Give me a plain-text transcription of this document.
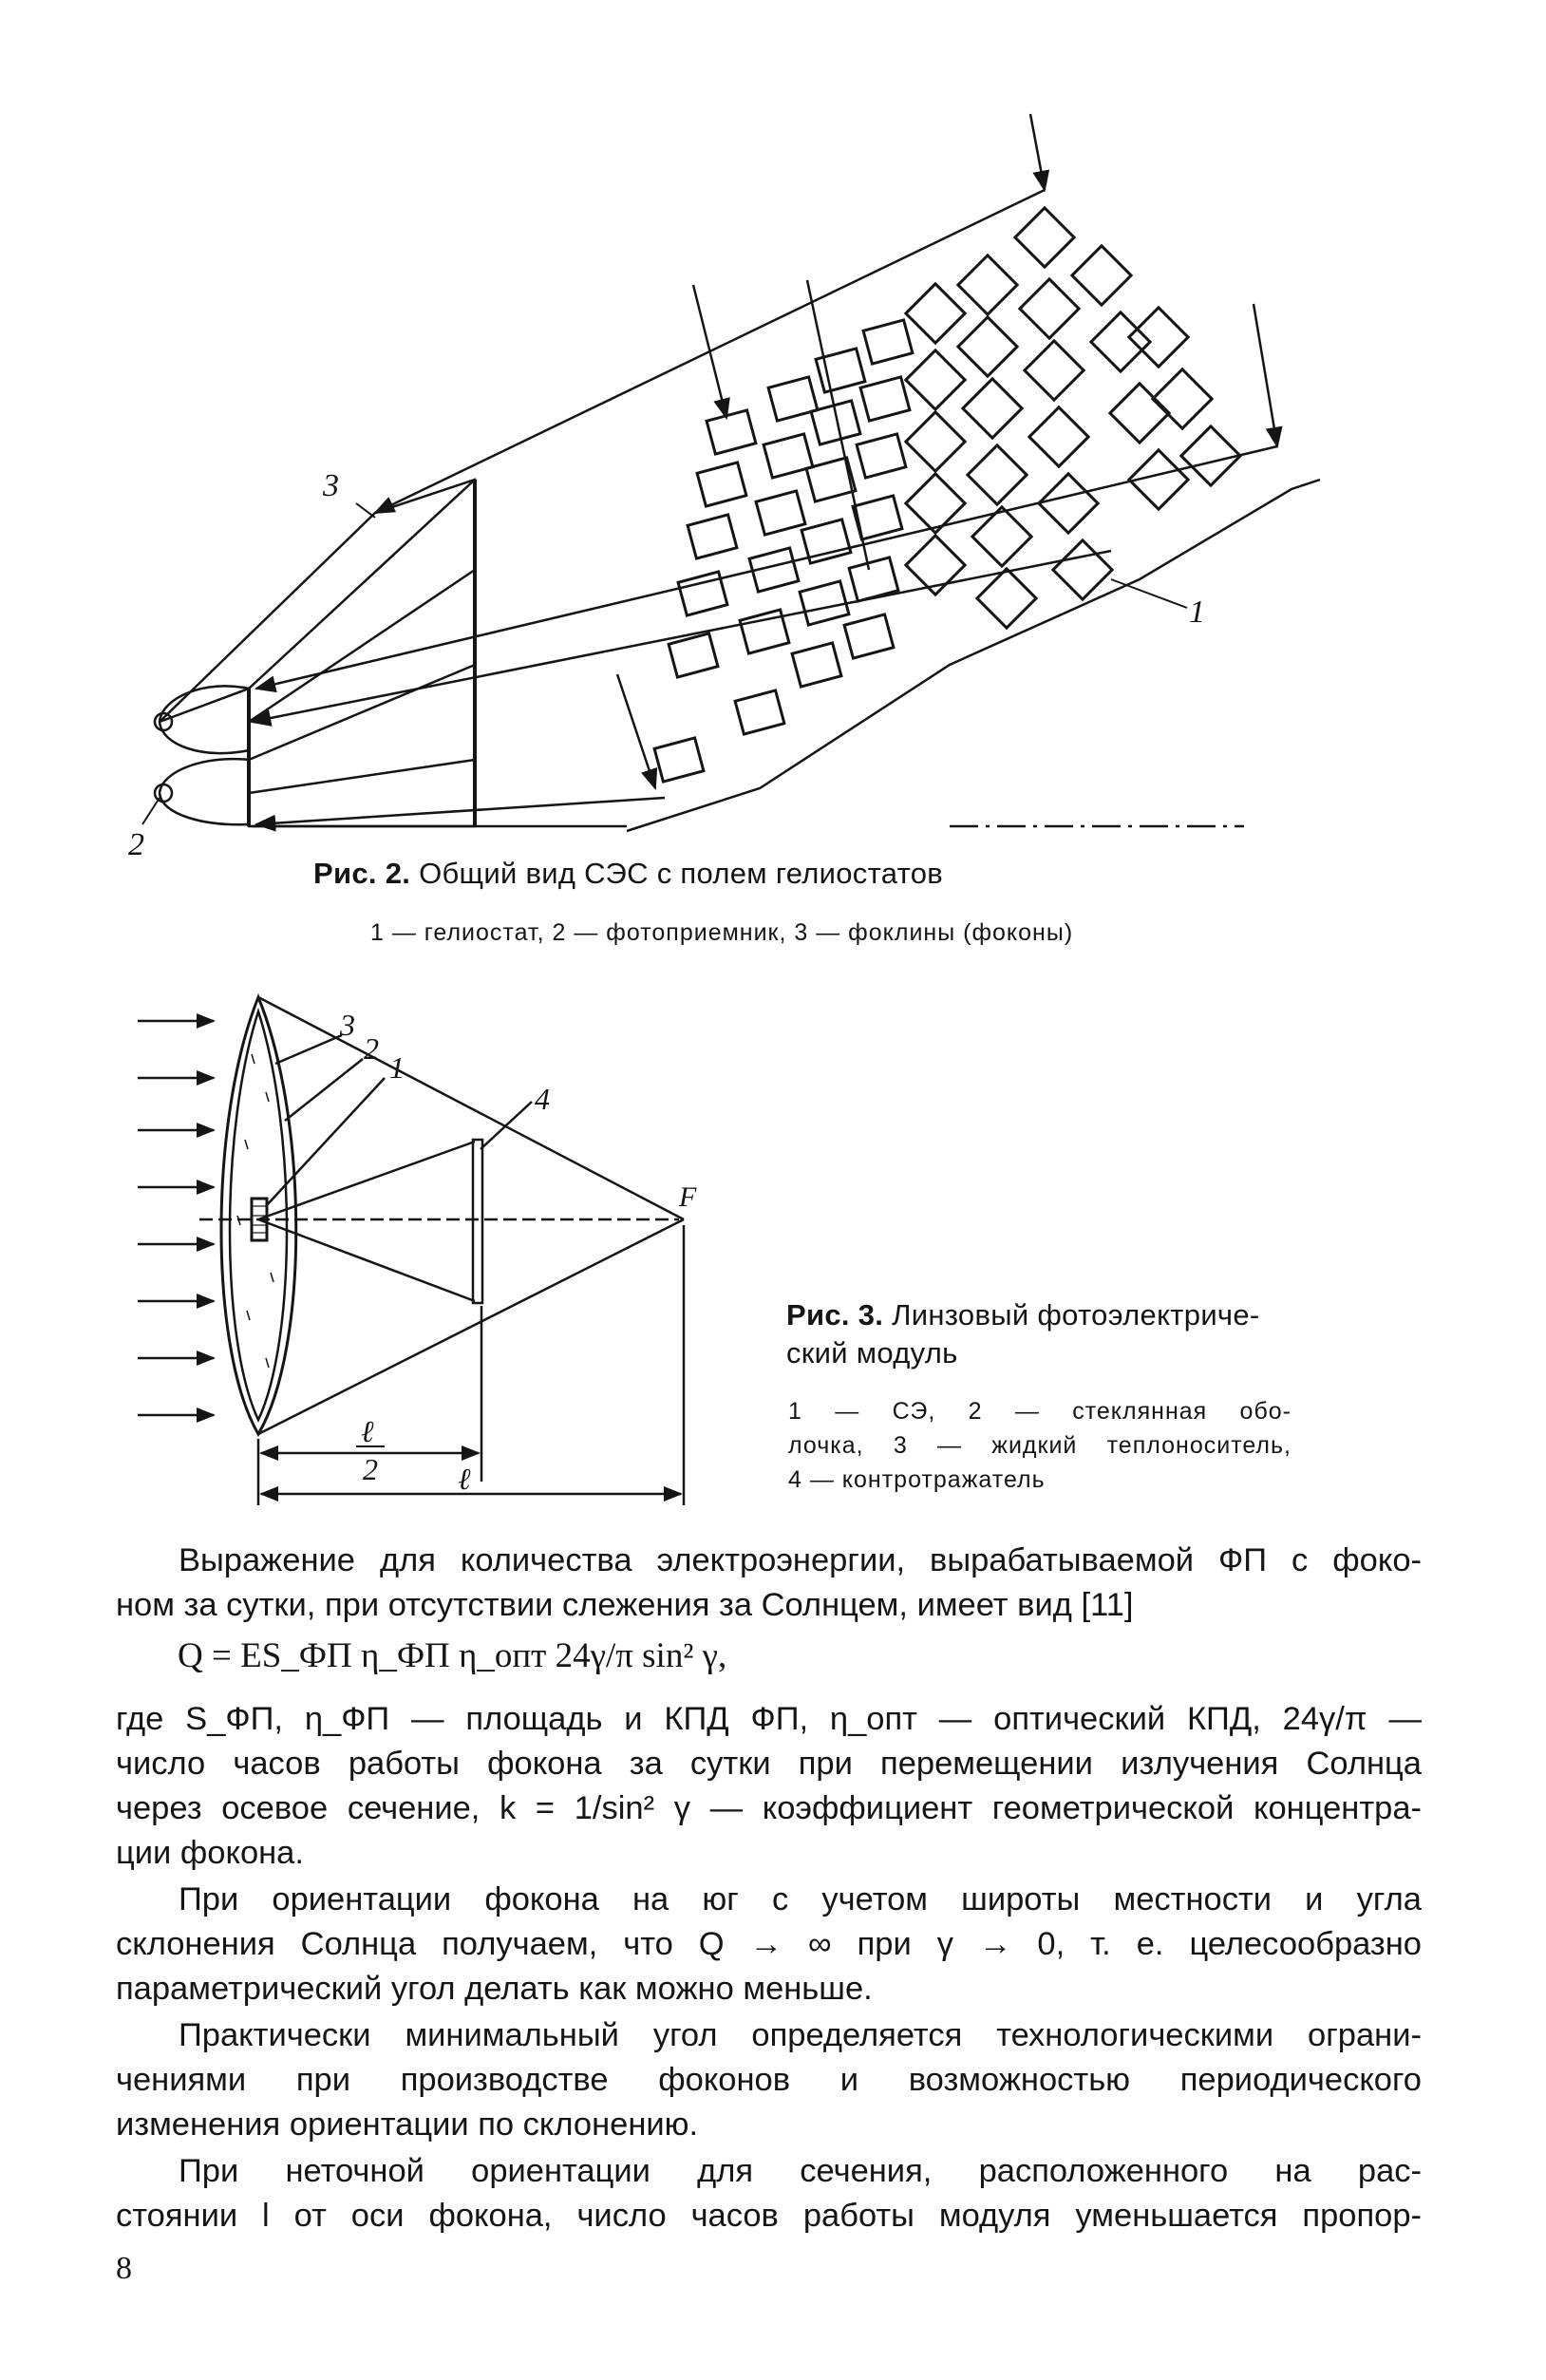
3
2
1
Рис. 2. Общий вид СЭС с полем гелиостатов
1 — гелиостат, 2 — фотоприемник, 3 — фоклины (фоконы)
3
2
1
4
F
ℓ
2	ℓ
Рис. 3. Линзовый фотоэлектриче-
ский модуль
1 — СЭ, 2 — стеклянная обо-
лочка, 3 — жидкий теплоноситель,
4 — контротражатель
Выражение для количества электроэнергии, вырабатываемой ФП с фоко-
ном за сутки, при отсутствии слежения за Солнцем, имеет вид [11]
Q = ES_ФП η_ФП η_опт 24γ/π sin² γ,
где S_ФП, η_ФП — площадь и КПД ФП, η_опт — оптический КПД, 24γ/π —
число часов работы фокона за сутки при перемещении излучения Солнца
через осевое сечение, k = 1/sin² γ — коэффициент геометрической концентра-
ции фокона.
При ориентации фокона на юг с учетом широты местности и угла
склонения Солнца получаем, что Q → ∞ при γ → 0, т. е. целесообразно
параметрический угол делать как можно меньше.
Практически минимальный угол определяется технологическими ограни-
чениями при производстве фоконов и возможностью периодического
изменения ориентации по склонению.
При неточной ориентации для сечения, расположенного на рас-
стоянии l от оси фокона, число часов работы модуля уменьшается пропор-
8
